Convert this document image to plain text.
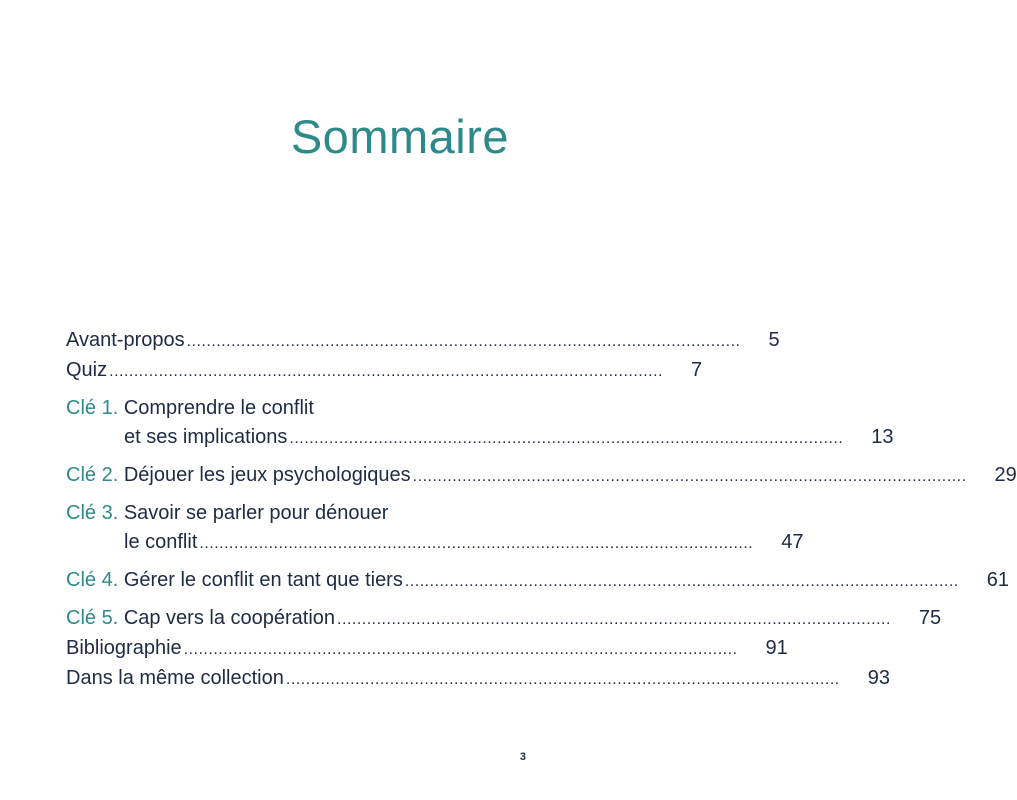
Sommaire
Avant-propos ................................................................................................................ 5
Quiz ................................................................................................................ 7
Clé 1. Comprendre le conflit
et ses implications ................................................................................................................ 13
Clé 2. Déjouer les jeux psychologiques ................................................................................................................ 29
Clé 3. Savoir se parler pour dénouer
le conflit ................................................................................................................ 47
Clé 4. Gérer le conflit en tant que tiers ................................................................................................................ 61
Clé 5. Cap vers la coopération ................................................................................................................ 75
Bibliographie ................................................................................................................ 91
Dans la même collection ................................................................................................................ 93
3
